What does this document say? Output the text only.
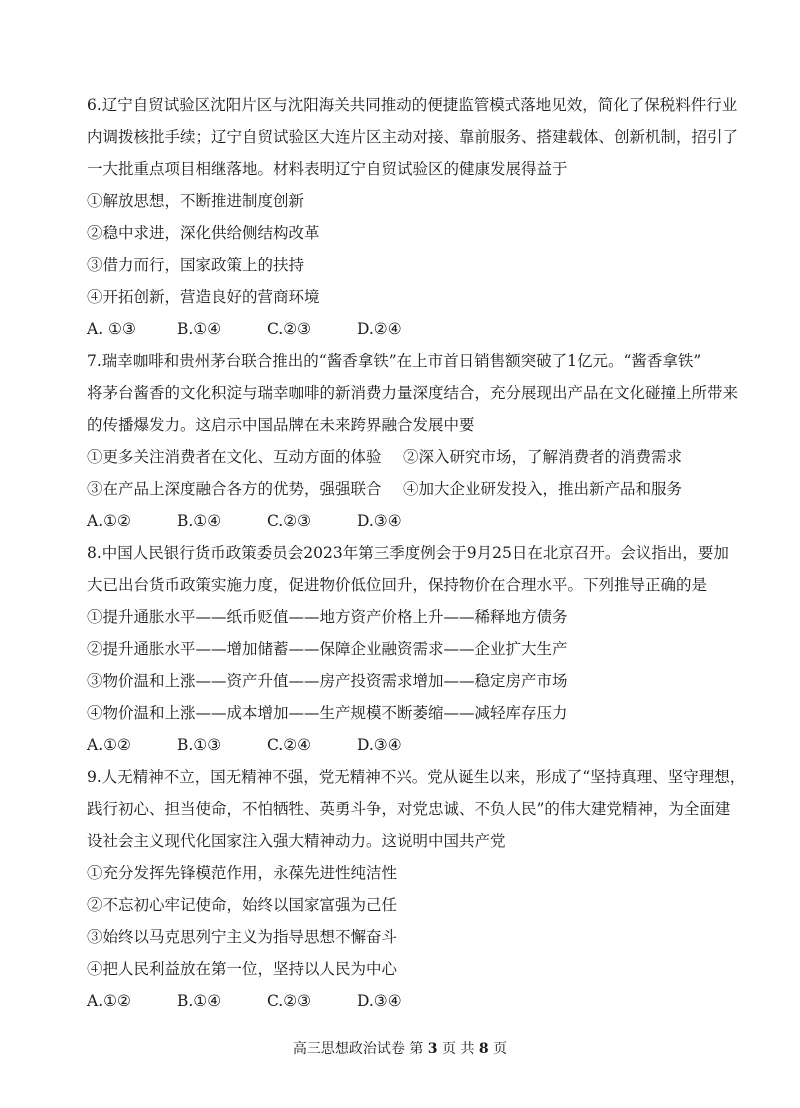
6.辽宁自贸试验区沈阳片区与沈阳海关共同推动的便捷监管模式落地见效，简化了保税料件行业
内调拨核批手续；辽宁自贸试验区大连片区主动对接、靠前服务、搭建载体、创新机制，招引了
一大批重点项目相继落地。材料表明辽宁自贸试验区的健康发展得益于
①解放思想，不断推进制度创新
②稳中求进，深化供给侧结构改革
③借力而行，国家政策上的扶持
④开拓创新，营造良好的营商环境
A. ①③	B.①④	C.②③	D.②④
7.瑞幸咖啡和贵州茅台联合推出的“酱香拿铁”在上市首日销售额突破了1亿元。“酱香拿铁”
将茅台酱香的文化积淀与瑞幸咖啡的新消费力量深度结合，充分展现出产品在文化碰撞上所带来
的传播爆发力。这启示中国品牌在未来跨界融合发展中要
①更多关注消费者在文化、互动方面的体验 ②深入研究市场，了解消费者的消费需求
③在产品上深度融合各方的优势，强强联合 ④加大企业研发投入，推出新产品和服务
A.①②	B.①④	C.②③	D.③④
8.中国人民银行货币政策委员会2023年第三季度例会于9月25日在北京召开。会议指出，要加
大已出台货币政策实施力度，促进物价低位回升，保持物价在合理水平。下列推导正确的是
①提升通胀水平——纸币贬值——地方资产价格上升——稀释地方债务
②提升通胀水平——增加储蓄——保障企业融资需求——企业扩大生产
③物价温和上涨——资产升值——房产投资需求增加——稳定房产市场
④物价温和上涨——成本增加——生产规模不断萎缩——减轻库存压力
A.①②	B.①③	C.②④	D.③④
9.人无精神不立，国无精神不强，党无精神不兴。党从诞生以来，形成了“坚持真理、坚守理想，
践行初心、担当使命，不怕牺牲、英勇斗争，对党忠诚、不负人民”的伟大建党精神，为全面建
设社会主义现代化国家注入强大精神动力。这说明中国共产党
①充分发挥先锋模范作用，永葆先进性纯洁性
②不忘初心牢记使命，始终以国家富强为己任
③始终以马克思列宁主义为指导思想不懈奋斗
④把人民利益放在第一位，坚持以人民为中心
A.①②	B.①④	C.②③	D.③④
高三思想政治试卷 第 3 页 共 8 页
